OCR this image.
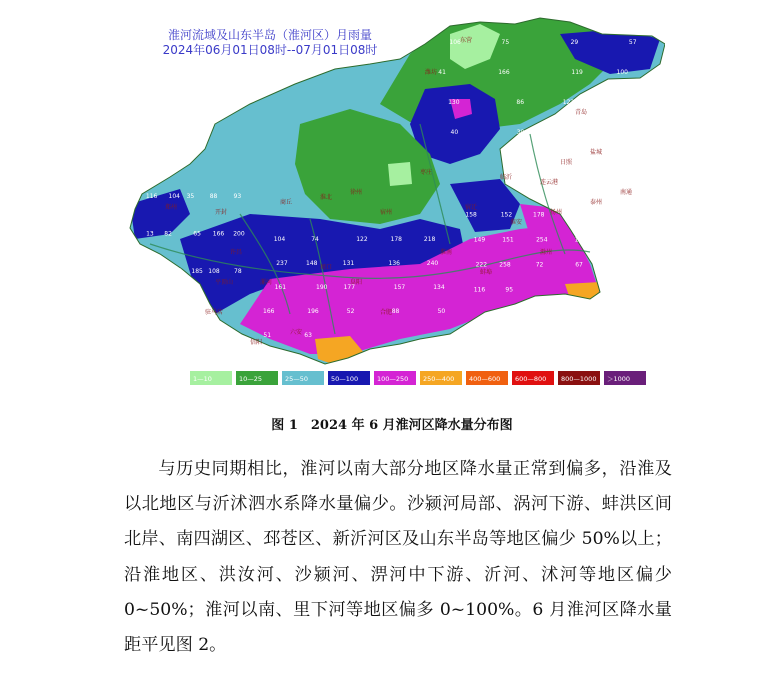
116 104 35	88	93
13 82	65 166 200
79	115 185 108 78
66	70
104	74	122	178	218
237	148	131	136	240
161	190	177	157	134
166	196	52	88	50
51	63
158	152	178	154
149	151	254	167
222 258	72	67
116	95
106	75	29	57
41	166	119	100
130	86	122	62
40	39	36	25
东营
潍坊
青岛
日照
临沂
枣庄
徐州
宿州
淮北
商丘
开封
郑州
许昌
平顶山	漯河
周口
阜阳
淮南
蚌埠
滁州
扬州
泰州
南通
盐城
信阳
驻马店
六安
合肥
淮安
宿迁
连云港
1—10	10—25	25—50	50—100	100—250 250—400 400—600 600—800 800—1000 ＞1000
淮河流域及山东半岛（淮河区）月雨量
2024年06月01日08时--07月01日08时
图 1　2024 年 6 月淮河区降水量分布图

与历史同期相比，淮河以南大部分地区降水量正常到偏多，沿淮及以北地区与沂沭泗水系降水量偏少。沙颍河局部、涡河下游、蚌洪区间北岸、南四湖区、邳苍区、新沂河区及山东半岛等地区偏少 50%以上；沿淮地区、洪汝河、沙颍河、淠河中下游、沂河、沭河等地区偏少 0~50%；淮河以南、里下河等地区偏多 0~100%。6 月淮河区降水量距平见图 2。
